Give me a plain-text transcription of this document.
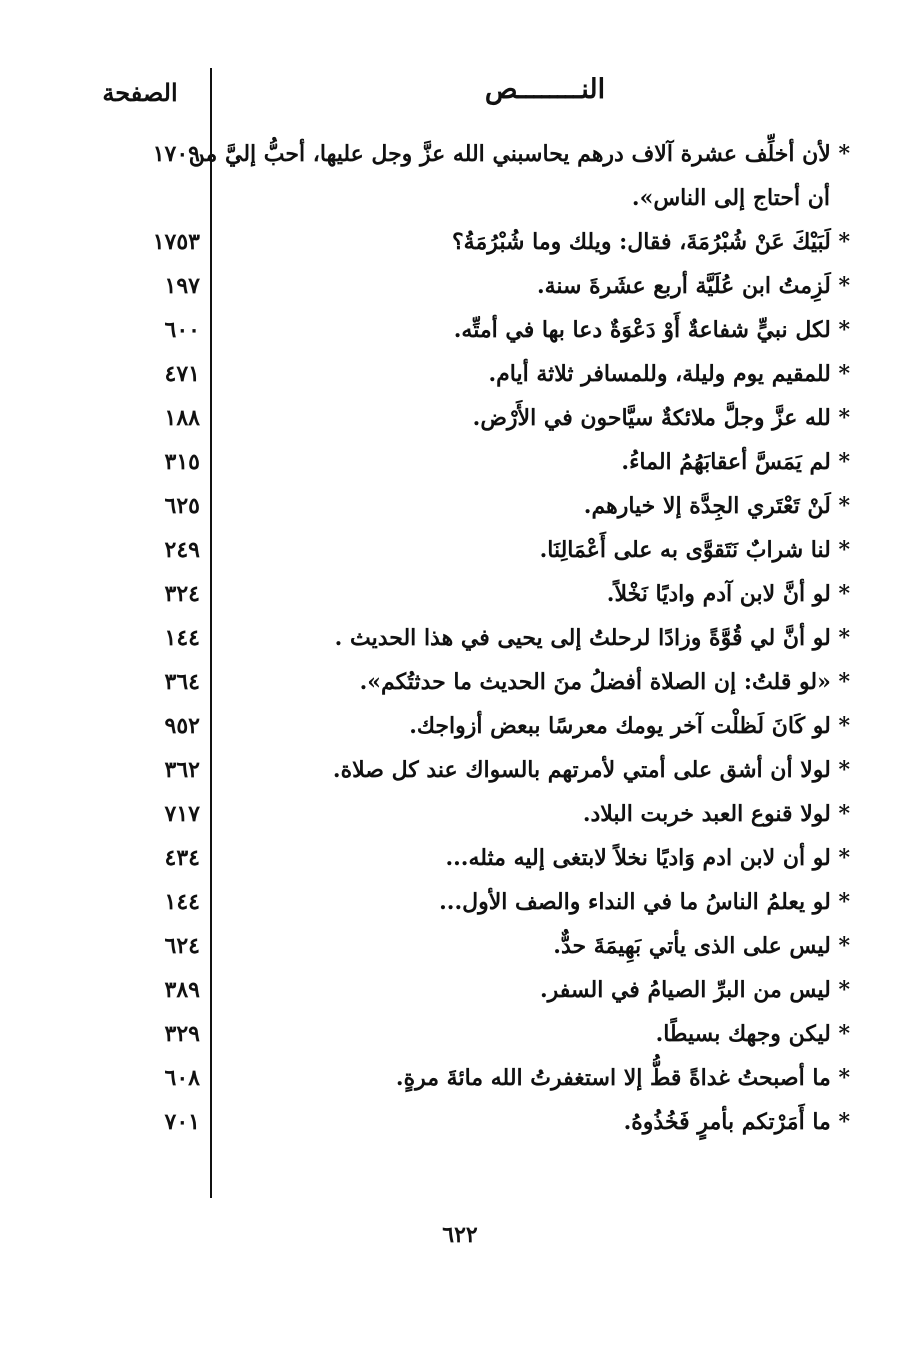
النــــــــص
الصفحة
* لأن أخلِّف عشرة آلاف درهم يحاسبني الله عزَّ وجل عليها، أحبُّ إليَّ من
أن أحتاج إلى الناس».
١٧٠٩
* لَبَيْكَ عَنْ شُبْرُمَةَ، فقال: ويلك وما شُبْرُمَةُ؟
١٧٥٣
* لَزِمتُ ابن عُلَيَّة أربع عشَرةَ سنة.
١٩٧
* لكل نبيٍّ شفاعةٌ أَوْ دَعْوَةٌ دعا بها في أمتِّه.
٦٠٠
* للمقيم يوم وليلة، وللمسافر ثلاثة أيام.
٤٧١
* لله عزَّ وجلَّ ملائكةٌ سيَّاحون في الأَرْض.
١٨٨
* لم يَمَسَّ أعقابَهُمُ الماءُ.
٣١٥
* لَنْ تَعْتَري الجِدَّة إلا خيارهم.
٦٢٥
* لنا شرابٌ نَتَقوَّى به على أَعْمَالِنَا.
٢٤٩
* لو أنَّ لابن آدم واديًا نَخْلاً.
٣٢٤
* لو أنَّ لي قُوَّةً وزادًا لرحلتُ إلى يحيى في هذا الحديث .
١٤٤
* «لو قلتُ: إن الصلاة أفضلُ منَ الحديث ما حدثتُكم».
٣٦٤
* لو كَانَ لَظلْت آخر يومك معرسًا ببعض أزواجك.
٩٥٢
* لولا أن أشق على أمتي لأمرتهم بالسواك عند كل صلاة.
٣٦٢
* لولا قنوع العبد خربت البلاد.
٧١٧
* لو أن لابن ادم وَاديًا نخلاً لابتغى إليه مثله...
٤٣٤
* لو يعلمُ الناسُ ما في النداء والصف الأول...
١٤٤
* ليس على الذى يأتي بَهِيمَةَ حدٌّ.
٦٢٤
* ليس من البرِّ الصيامُ في السفر.
٣٨٩
* ليكن وجهك بسيطًا.
٣٢٩
* ما أصبحتُ غداةً قطُّ إلا استغفرتُ الله مائةَ مرةٍ.
٦٠٨
* ما أَمَرْتكم بأمرٍ فَخُذُوهُ.
٧٠١
٦٢٢
